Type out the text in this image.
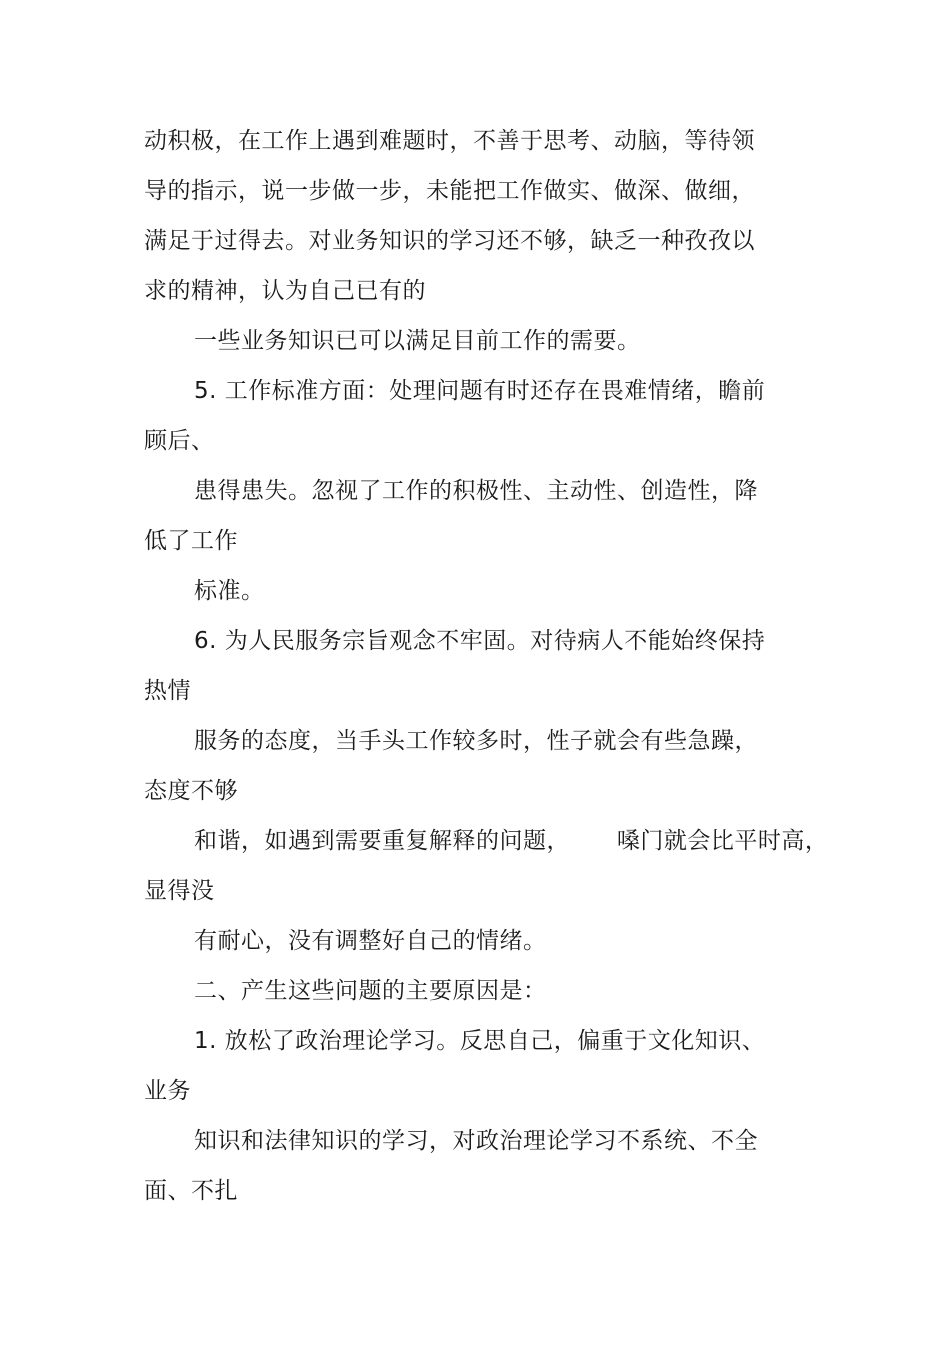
动积极，在工作上遇到难题时，不善于思考、动脑，等待领
导的指示，说一步做一步，未能把工作做实、做深、做细，
满足于过得去。对业务知识的学习还不够，缺乏一种孜孜以
求的精神，认为自己已有的
一些业务知识已可以满足目前工作的需要。
5. 工作标准方面：处理问题有时还存在畏难情绪，瞻前
顾后、
患得患失。忽视了工作的积极性、主动性、创造性，降
低了工作
标准。
6. 为人民服务宗旨观念不牢固。对待病人不能始终保持
热情
服务的态度，当手头工作较多时，性子就会有些急躁，
态度不够
和谐，如遇到需要重复解释的问题，      嗓门就会比平时高，
显得没
有耐心，没有调整好自己的情绪。
二、产生这些问题的主要原因是：
1. 放松了政治理论学习。反思自己，偏重于文化知识、
业务
知识和法律知识的学习，对政治理论学习不系统、不全
面、不扎
